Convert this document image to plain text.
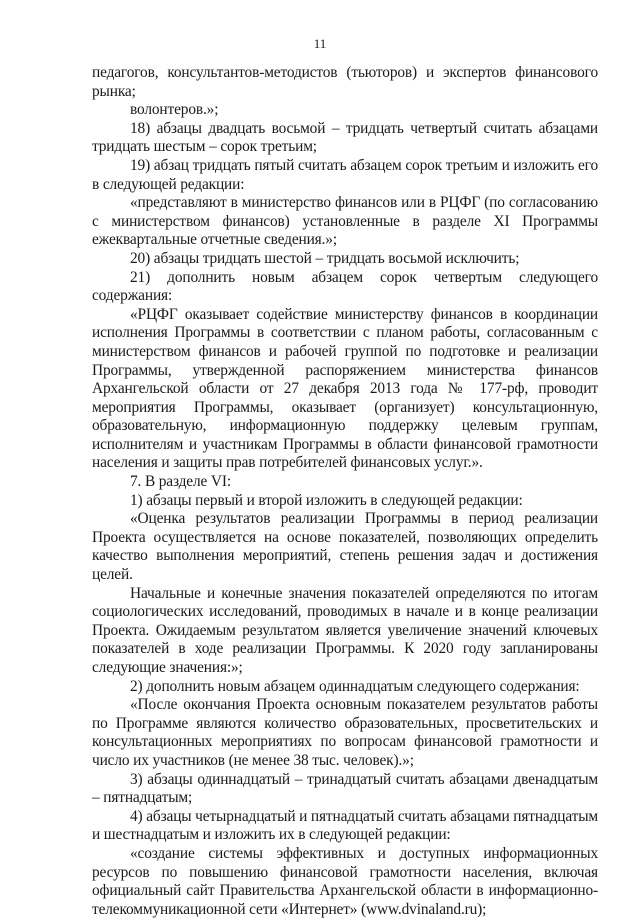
11

педагогов, консультантов-методистов (тьюторов) и экспертов финансового рынка;

волонтеров.»;

18) абзацы двадцать восьмой – тридцать четвертый считать абзацами тридцать шестым – сорок третьим;

19) абзац тридцать пятый считать абзацем сорок третьим и изложить его в следующей редакции:

«представляют в министерство финансов или в РЦФГ (по согласованию с министерством финансов) установленные в разделе XI Программы ежеквартальные отчетные сведения.»;

20) абзацы тридцать шестой – тридцать восьмой исключить;

21) дополнить новым абзацем сорок четвертым следующего содержания:

«РЦФГ оказывает содействие министерству финансов в координации исполнения Программы в соответствии с планом работы, согласованным с министерством финансов и рабочей группой по подготовке и реализации Программы, утвержденной распоряжением министерства финансов Архангельской области от 27 декабря 2013 года № 177-рф, проводит мероприятия Программы, оказывает (организует) консультационную, образовательную, информационную поддержку целевым группам, исполнителям и участникам Программы в области финансовой грамотности населения и защиты прав потребителей финансовых услуг.».

7. В разделе VI:

1) абзацы первый и второй изложить в следующей редакции:

«Оценка результатов реализации Программы в период реализации Проекта осуществляется на основе показателей, позволяющих определить качество выполнения мероприятий, степень решения задач и достижения целей.

Начальные и конечные значения показателей определяются по итогам социологических исследований, проводимых в начале и в конце реализации Проекта. Ожидаемым результатом является увеличение значений ключевых показателей в ходе реализации Программы. К 2020 году запланированы следующие значения:»;

2) дополнить новым абзацем одиннадцатым следующего содержания:

«После окончания Проекта основным показателем результатов работы по Программе являются количество образовательных, просветительских и консультационных мероприятиях по вопросам финансовой грамотности и число их участников (не менее 38 тыс. человек).»;

3) абзацы одиннадцатый – тринадцатый считать абзацами двенадцатым – пятнадцатым;

4) абзацы четырнадцатый и пятнадцатый считать абзацами пятнадцатым и шестнадцатым и изложить их в следующей редакции:

«создание системы эффективных и доступных информационных ресурсов по повышению финансовой грамотности населения, включая официальный сайт Правительства Архангельской области в информационно-телекоммуникационной сети «Интернет» (www.dvinaland.ru);
